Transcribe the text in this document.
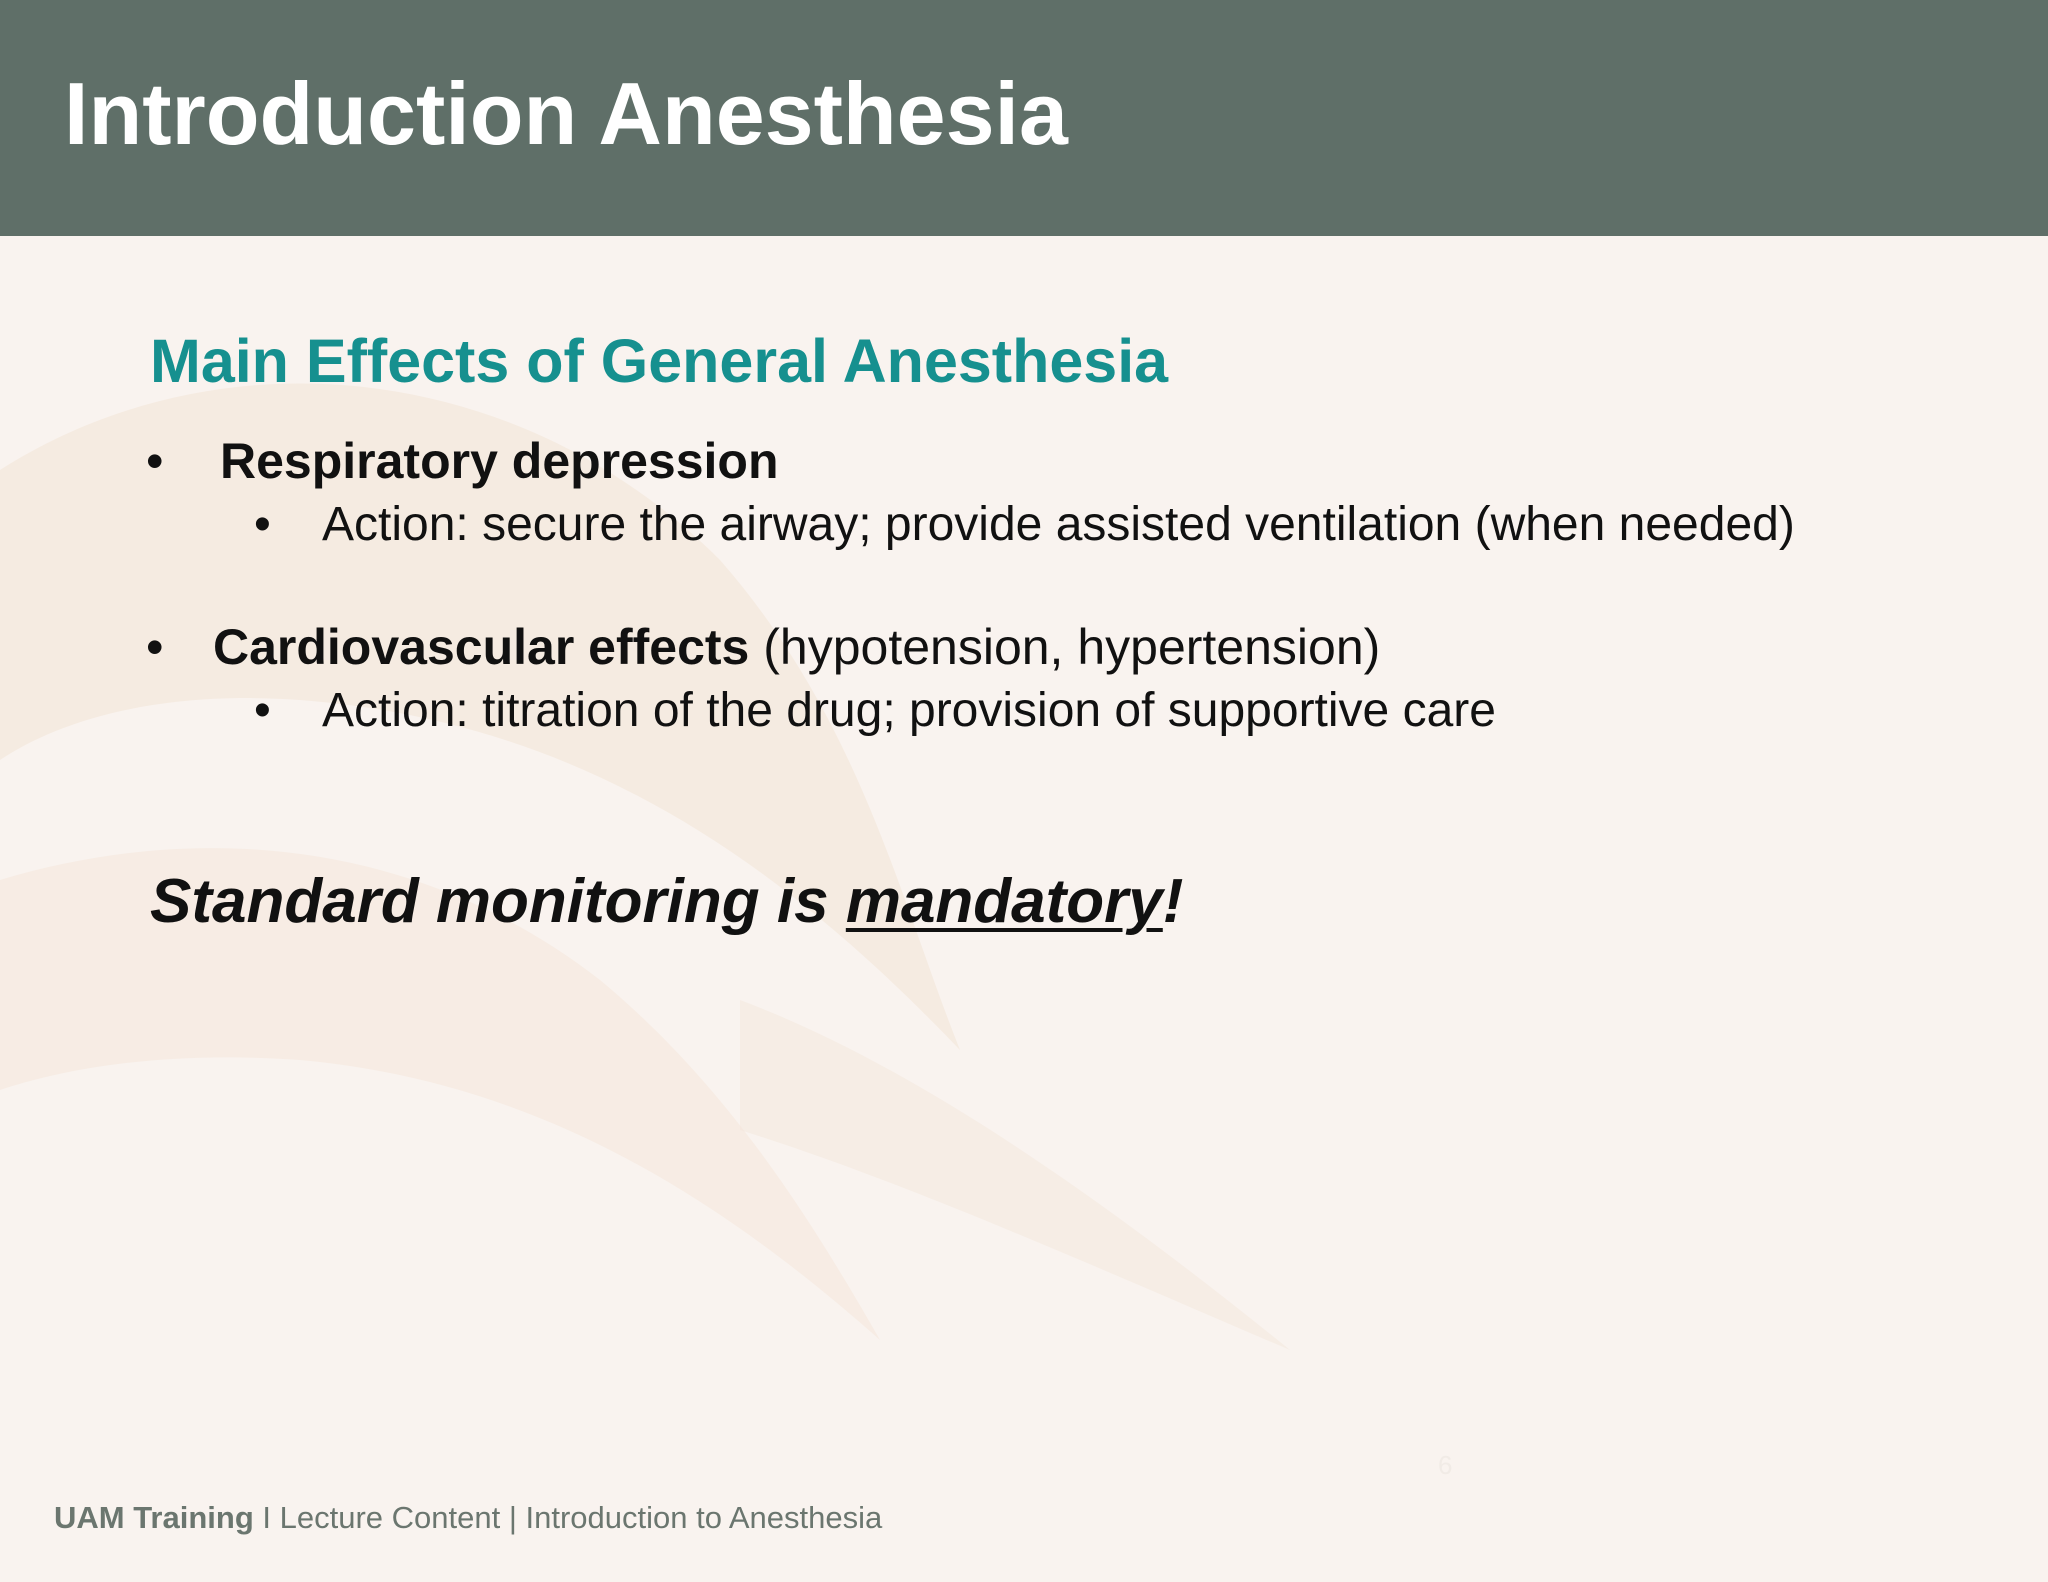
Introduction Anesthesia
Main Effects of General Anesthesia
• Respiratory depression
• Action: secure the airway; provide assisted ventilation (when needed)
• Cardiovascular effects (hypotension, hypertension)
• Action: titration of the drug; provision of supportive care

Standard monitoring is mandatory!

6
UAM Training I Lecture Content | Introduction to Anesthesia
